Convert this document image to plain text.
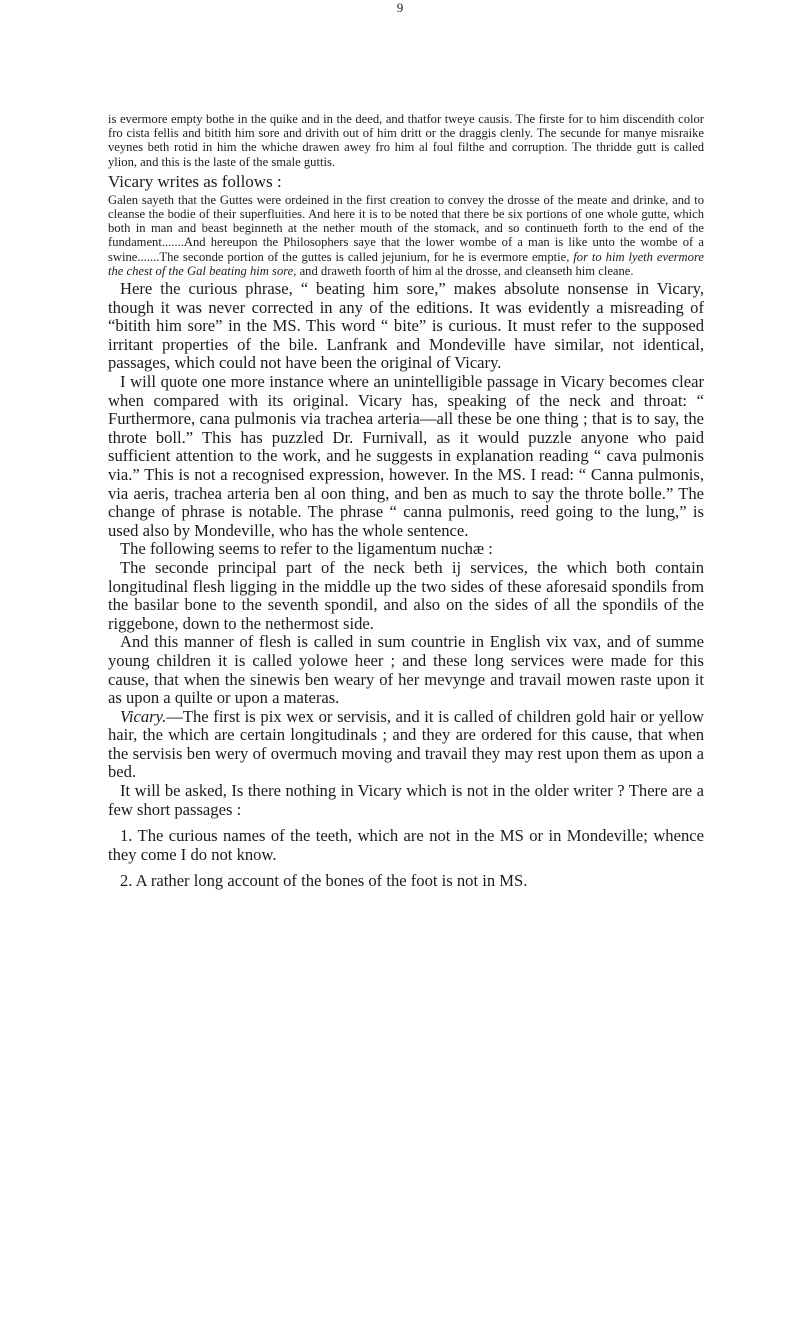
9

is evermore empty bothe in the quike and in the deed, and thatfor tweye causis. The firste for to him discendith color fro cista fellis and bitith him sore and drivith out of him dritt or the draggis clenly. The secunde for manye misraike veynes beth rotid in him the whiche drawen awey fro him al foul filthe and corruption. The thridde gutt is called ylion, and this is the laste of the smale guttis.

Vicary writes as follows :

Galen sayeth that the Guttes were ordeined in the first creation to convey the drosse of the meate and drinke, and to cleanse the bodie of their superfluities. And here it is to be noted that there be six portions of one whole gutte, which both in man and beast beginneth at the nether mouth of the stomack, and so continueth forth to the end of the fundament.......And hereupon the Philosophers saye that the lower wombe of a man is like unto the wombe of a swine.......The seconde portion of the guttes is called jejunium, for he is evermore emptie, for to him lyeth evermore the chest of the Gal beating him sore, and draweth foorth of him al the drosse, and cleanseth him cleane.

Here the curious phrase, “ beating him sore,” makes absolute nonsense in Vicary, though it was never corrected in any of the editions. It was evidently a misreading of “bitith him sore” in the MS. This word “ bite” is curious. It must refer to the supposed irritant properties of the bile. Lanfrank and Mondeville have similar, not identical, passages, which could not have been the original of Vicary.

I will quote one more instance where an unintelligible passage in Vicary becomes clear when compared with its original. Vicary has, speaking of the neck and throat: “ Furthermore, cana pulmonis via trachea arteria—all these be one thing ; that is to say, the throte boll.” This has puzzled Dr. Furnivall, as it would puzzle anyone who paid sufficient attention to the work, and he suggests in explanation reading “ cava pulmonis via.” This is not a recognised expression, however. In the MS. I read: “ Canna pulmonis, via aeris, trachea arteria ben al oon thing, and ben as much to say the throte bolle.” The change of phrase is notable. The phrase “ canna pulmonis, reed going to the lung,” is used also by Mondeville, who has the whole sentence.

The following seems to refer to the ligamentum nuchæ :

The seconde principal part of the neck beth ij services, the which both contain longitudinal flesh ligging in the middle up the two sides of these aforesaid spondils from the basilar bone to the seventh spondil, and also on the sides of all the spondils of the riggebone, down to the nethermost side.

And this manner of flesh is called in sum countrie in English vix vax, and of summe young children it is called yolowe heer ; and these long services were made for this cause, that when the sinewis ben weary of her mevynge and travail mowen raste upon it as upon a quilte or upon a materas.

Vicary.—The first is pix wex or servisis, and it is called of children gold hair or yellow hair, the which are certain longitudinals ; and they are ordered for this cause, that when the servisis ben wery of overmuch moving and travail they may rest upon them as upon a bed.

It will be asked, Is there nothing in Vicary which is not in the older writer ? There are a few short passages :

1. The curious names of the teeth, which are not in the MS or in Mondeville; whence they come I do not know.

2. A rather long account of the bones of the foot is not in MS.
